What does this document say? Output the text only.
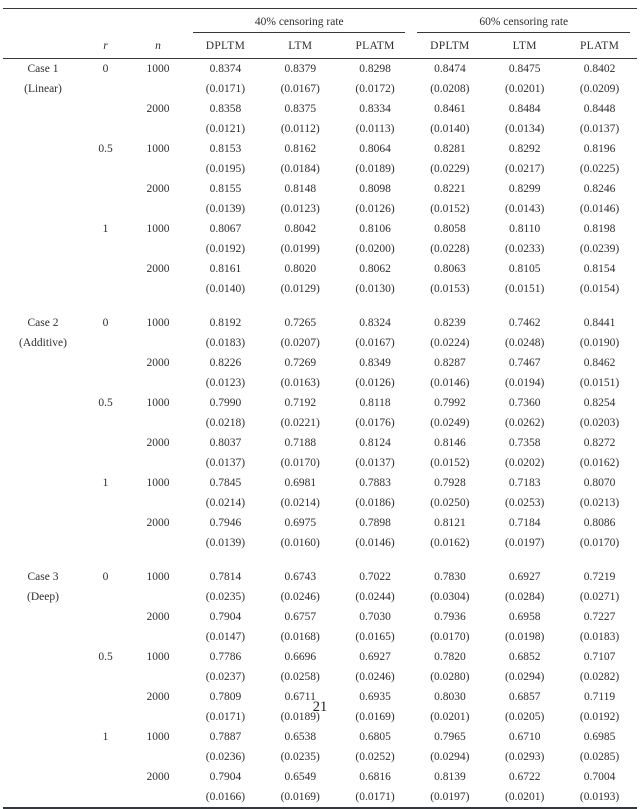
			40% censoring rate			60% censoring rate		

	r	n	DPLTM	LTM	PLATM	DPLTM	LTM	PLATM
Case 1	0	1000	0.8374	0.8379	0.8298	0.8474	0.8475	0.8402
(Linear)			(0.0171)	(0.0167)	(0.0172)	(0.0208)	(0.0201)	(0.0209)
		2000	0.8358	0.8375	0.8334	0.8461	0.8484	0.8448
			(0.0121)	(0.0112)	(0.0113)	(0.0140)	(0.0134)	(0.0137)
	0.5	1000	0.8153	0.8162	0.8064	0.8281	0.8292	0.8196
			(0.0195)	(0.0184)	(0.0189)	(0.0229)	(0.0217)	(0.0225)
		2000	0.8155	0.8148	0.8098	0.8221	0.8299	0.8246
			(0.0139)	(0.0123)	(0.0126)	(0.0152)	(0.0143)	(0.0146)
	1	1000	0.8067	0.8042	0.8106	0.8058	0.8110	0.8198
			(0.0192)	(0.0199)	(0.0200)	(0.0228)	(0.0233)	(0.0239)
		2000	0.8161	0.8020	0.8062	0.8063	0.8105	0.8154
			(0.0140)	(0.0129)	(0.0130)	(0.0153)	(0.0151)	(0.0154)

Case 2	0	1000	0.8192	0.7265	0.8324	0.8239	0.7462	0.8441
(Additive)			(0.0183)	(0.0207)	(0.0167)	(0.0224)	(0.0248)	(0.0190)
		2000	0.8226	0.7269	0.8349	0.8287	0.7467	0.8462
			(0.0123)	(0.0163)	(0.0126)	(0.0146)	(0.0194)	(0.0151)
	0.5	1000	0.7990	0.7192	0.8118	0.7992	0.7360	0.8254
			(0.0218)	(0.0221)	(0.0176)	(0.0249)	(0.0262)	(0.0203)
		2000	0.8037	0.7188	0.8124	0.8146	0.7358	0.8272
			(0.0137)	(0.0170)	(0.0137)	(0.0152)	(0.0202)	(0.0162)
	1	1000	0.7845	0.6981	0.7883	0.7928	0.7183	0.8070
			(0.0214)	(0.0214)	(0.0186)	(0.0250)	(0.0253)	(0.0213)
		2000	0.7946	0.6975	0.7898	0.8121	0.7184	0.8086
			(0.0139)	(0.0160)	(0.0146)	(0.0162)	(0.0197)	(0.0170)

Case 3	0	1000	0.7814	0.6743	0.7022	0.7830	0.6927	0.7219
(Deep)			(0.0235)	(0.0246)	(0.0244)	(0.0304)	(0.0284)	(0.0271)
		2000	0.7904	0.6757	0.7030	0.7936	0.6958	0.7227
			(0.0147)	(0.0168)	(0.0165)	(0.0170)	(0.0198)	(0.0183)
	0.5	1000	0.7786	0.6696	0.6927	0.7820	0.6852	0.7107
			(0.0237)	(0.0258)	(0.0246)	(0.0280)	(0.0294)	(0.0282)
		2000	0.7809	0.6711	0.6935	0.8030	0.6857	0.7119
			(0.0171)	(0.0189)	(0.0169)	(0.0201)	(0.0205)	(0.0192)
	1	1000	0.7887	0.6538	0.6805	0.7965	0.6710	0.6985
			(0.0236)	(0.0235)	(0.0252)	(0.0294)	(0.0293)	(0.0285)
		2000	0.7904	0.6549	0.6816	0.8139	0.6722	0.7004
			(0.0166)	(0.0169)	(0.0171)	(0.0197)	(0.0201)	(0.0193)
21
